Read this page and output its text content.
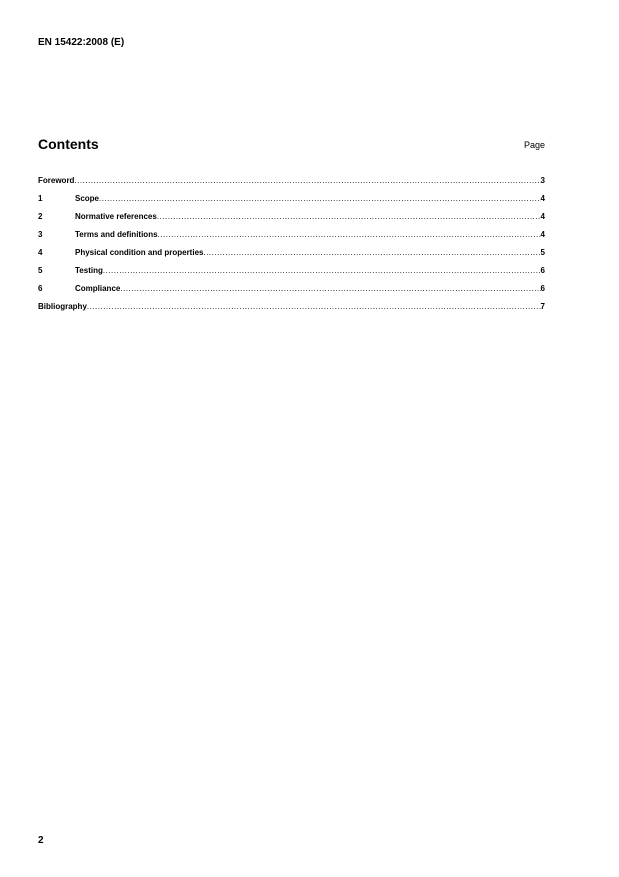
EN 15422:2008 (E)
Contents	Page
Foreword .....	3
1	Scope .....	4
2	Normative references .....	4
3	Terms and definitions .....	4
4	Physical condition and properties .....	5
5	Testing .....	6
6	Compliance .....	6
Bibliography .....	7
2
